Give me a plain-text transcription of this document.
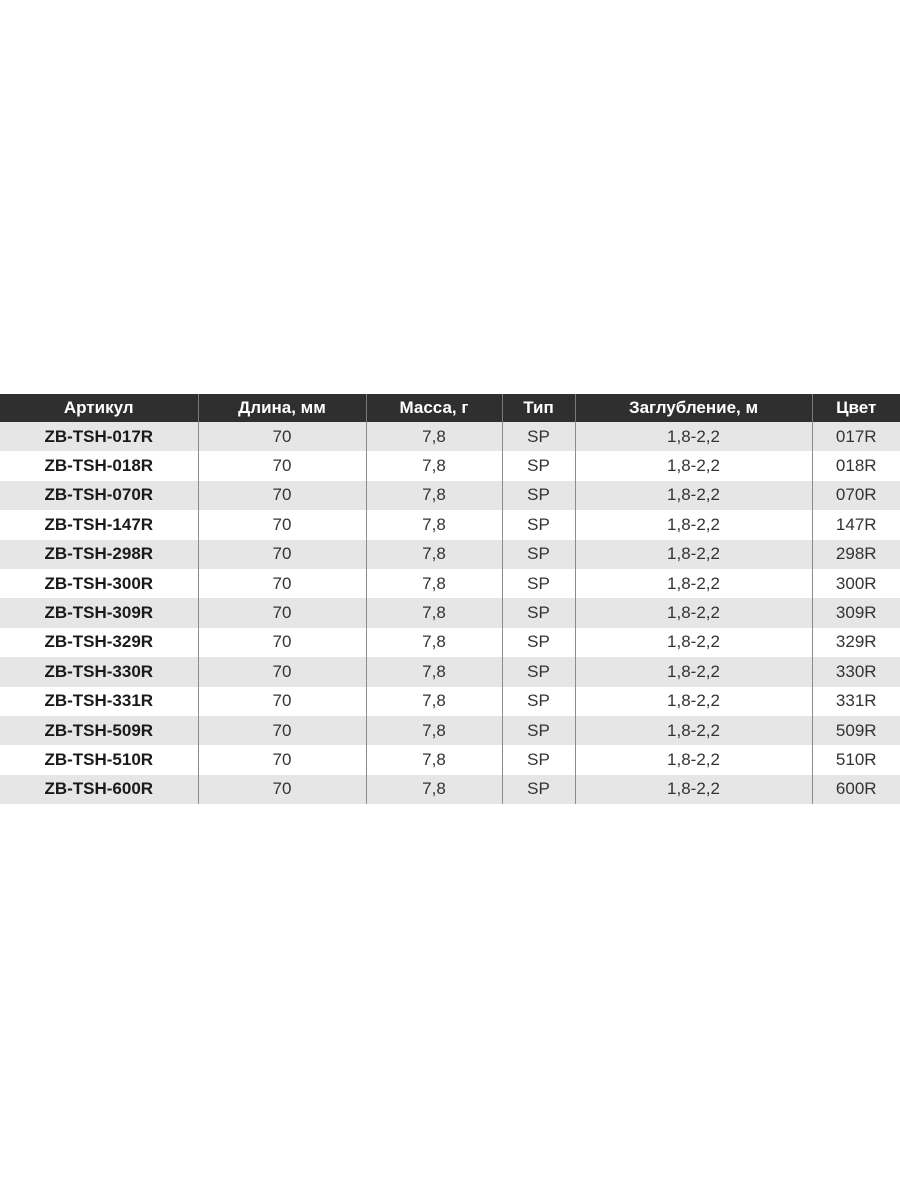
Артикул	Длина, мм	Масса, г	Тип	Заглубление, м	Цвет
ZB-TSH-017R	70	7,8	SP	1,8-2,2	017R
ZB-TSH-018R	70	7,8	SP	1,8-2,2	018R
ZB-TSH-070R	70	7,8	SP	1,8-2,2	070R
ZB-TSH-147R	70	7,8	SP	1,8-2,2	147R
ZB-TSH-298R	70	7,8	SP	1,8-2,2	298R
ZB-TSH-300R	70	7,8	SP	1,8-2,2	300R
ZB-TSH-309R	70	7,8	SP	1,8-2,2	309R
ZB-TSH-329R	70	7,8	SP	1,8-2,2	329R
ZB-TSH-330R	70	7,8	SP	1,8-2,2	330R
ZB-TSH-331R	70	7,8	SP	1,8-2,2	331R
ZB-TSH-509R	70	7,8	SP	1,8-2,2	509R
ZB-TSH-510R	70	7,8	SP	1,8-2,2	510R
ZB-TSH-600R	70	7,8	SP	1,8-2,2	600R
